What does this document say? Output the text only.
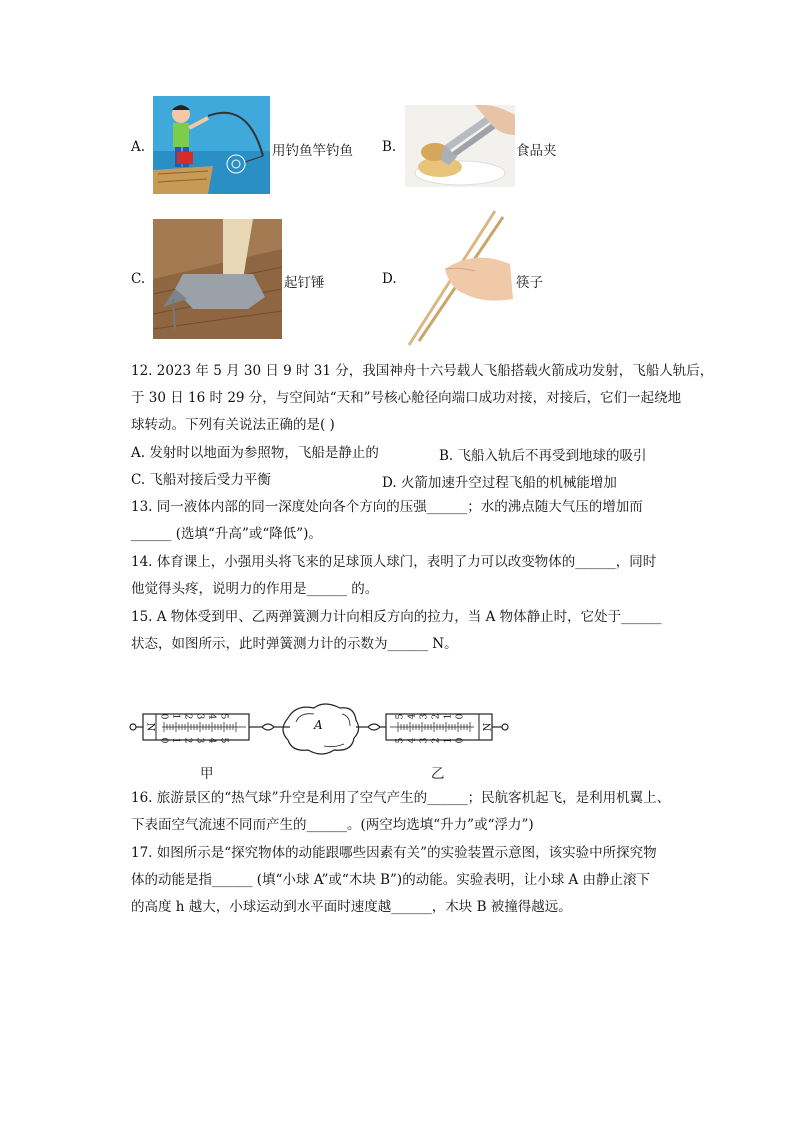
A.	用钓鱼竿钓鱼 B.	食品夹
C.	起钉锤	D.	筷子
12. 2023 年 5 月 30 日 9 时 31 分，我国神舟十六号载人飞船搭载火箭成功发射，飞船人轨后，
于 30 日 16 时 29 分，与空间站“天和”号核心舱径向端口成功对接，对接后，它们一起绕地
球转动。下列有关说法正确的是( )
A. 发射时以地面为参照物，飞船是静止的	B. 飞船入轨后不再受到地球的吸引
C. 飞船对接后受力平衡	D. 火箭加速升空过程飞船的机械能增加
13. 同一液体内部的同一深度处向各个方向的压强______；水的沸点随大气压的增加而
______ (选填“升高”或“降低”)。
14. 体育课上，小强用头将飞来的足球顶人球门，表明了力可以改变物体的______，同时
他觉得头疼，说明力的作用是______ 的。
15. A 物体受到甲、乙两弹簧测力计向相反方向的拉力，当 A 物体静止时，它处于______
状态，如图所示，此时弹簧测力计的示数为______ N。
N
0 1 2 3 4 5
0 1 2 3 4 5
5 4 3 2 1 0
5 4 3 2 1 0
N
A
甲	乙
16. 旅游景区的“热气球”升空是利用了空气产生的______；民航客机起飞，是利用机翼上、
下表面空气流速不同而产生的______。(两空均选填“升力”或“浮力”)
17. 如图所示是“探究物体的动能跟哪些因素有关”的实验装置示意图，该实验中所探究物
体的动能是指______ (填“小球 A”或“木块 B”)的动能。实验表明，让小球 A 由静止滚下
的高度 h 越大，小球运动到水平面时速度越______，木块 B 被撞得越远。
